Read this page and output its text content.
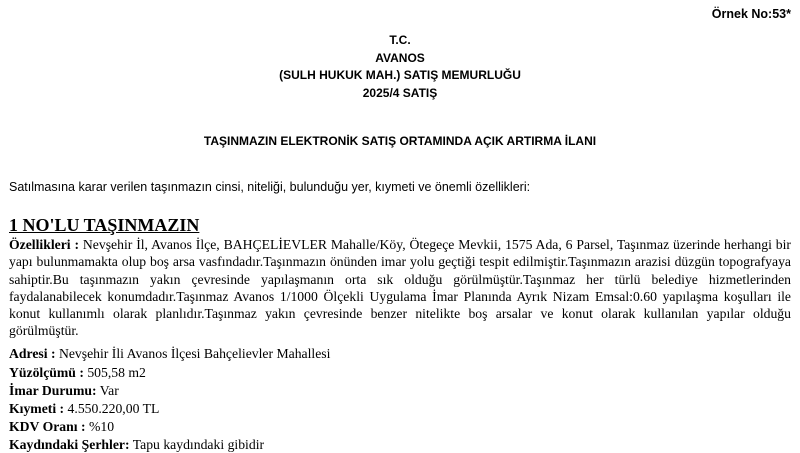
Örnek No:53*
T.C.
AVANOS
(SULH HUKUK MAH.) SATIŞ MEMURLUĞU
2025/4 SATIŞ
TAŞINMAZIN ELEKTRONİK SATIŞ ORTAMINDA AÇIK ARTIRMA İLANI
Satılmasına karar verilen taşınmazın cinsi, niteliği, bulunduğu yer, kıymeti ve önemli özellikleri:
1 NO'LU TAŞINMAZIN
Özellikleri : Nevşehir İl, Avanos İlçe, BAHÇELİEVLER Mahalle/Köy, Ötegeçe Mevkii, 1575 Ada, 6 Parsel, Taşınmaz üzerinde herhangi bir yapı bulunmamakta olup boş arsa vasfındadır.Taşınmazın önünden imar yolu geçtiği tespit edilmiştir.Taşınmazın arazisi düzgün topografyaya sahiptir.Bu taşınmazın yakın çevresinde yapılaşmanın orta sık olduğu görülmüştür.Taşınmaz her türlü belediye hizmetlerinden faydalanabilecek konumdadır.Taşınmaz Avanos 1/1000 Ölçekli Uygulama İmar Planında Ayrık Nizam Emsal:0.60 yapılaşma koşulları ile konut kullanımlı olarak planlıdır.Taşınmaz yakın çevresinde benzer nitelikte boş arsalar ve konut olarak kullanılan yapılar olduğu görülmüştür.
Adresi : Nevşehir İli Avanos İlçesi Bahçelievler Mahallesi
Yüzölçümü : 505,58 m2
İmar Durumu: Var
Kıymeti : 4.550.220,00 TL
KDV Oranı : %10
Kaydındaki Şerhler: Tapu kaydındaki gibidir
